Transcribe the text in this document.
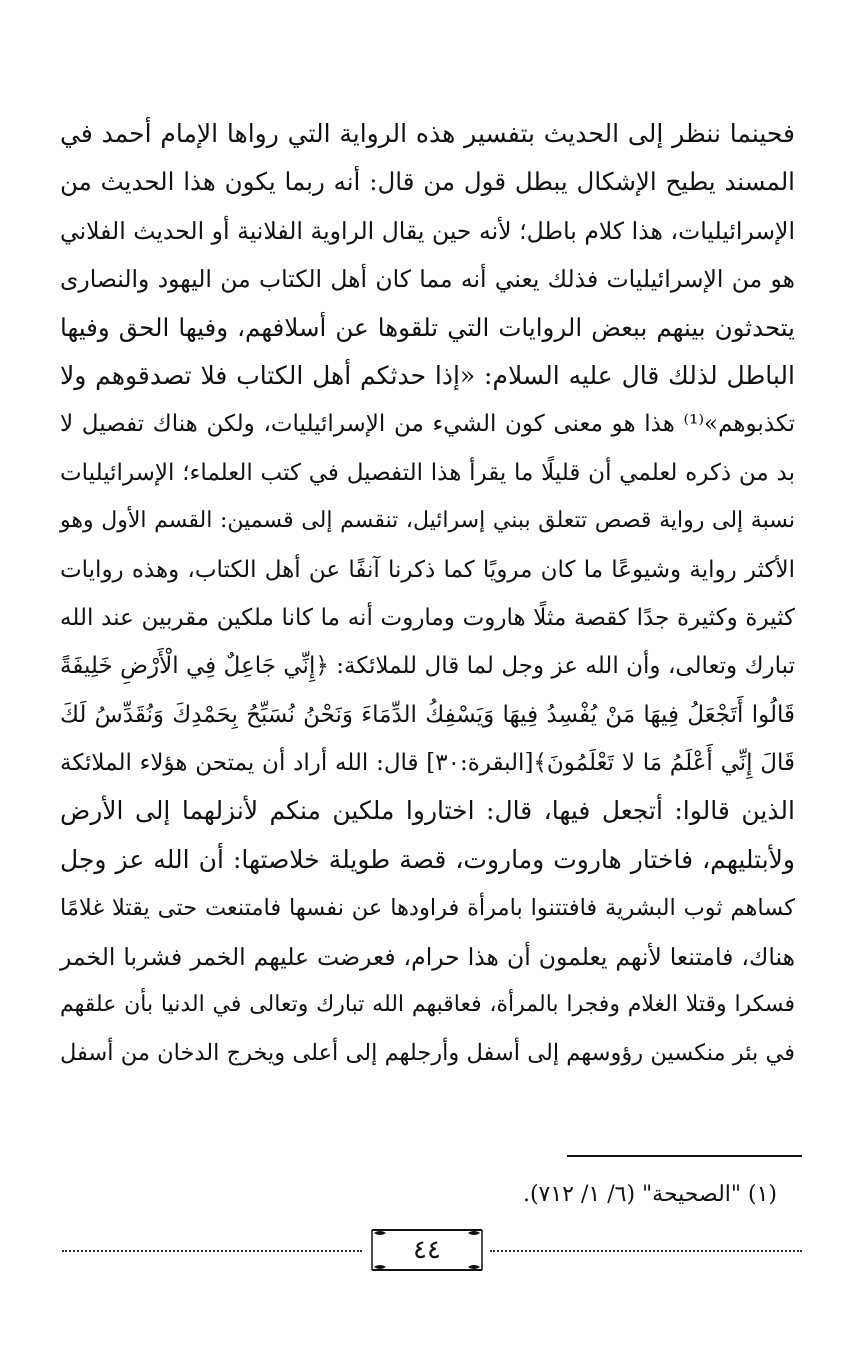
فحينما ننظر إلى الحديث بتفسير هذه الرواية التي رواها الإمام أحمد في
المسند يطيح الإشكال يبطل قول من قال: أنه ربما يكون هذا الحديث من
الإسرائيليات، هذا كلام باطل؛ لأنه حين يقال الراوية الفلانية أو الحديث الفلاني
هو من الإسرائيليات فذلك يعني أنه مما كان أهل الكتاب من اليهود والنصارى
يتحدثون بينهم ببعض الروايات التي تلقوها عن أسلافهم، وفيها الحق وفيها
الباطل لذلك قال عليه السلام: «إذا حدثكم أهل الكتاب فلا تصدقوهم ولا
تكذبوهم»⁽¹⁾ هذا هو معنى كون الشيء من الإسرائيليات، ولكن هناك تفصيل لا
بد من ذكره لعلمي أن قليلًا ما يقرأ هذا التفصيل في كتب العلماء؛ الإسرائيليات
نسبة إلى رواية قصص تتعلق ببني إسرائيل، تنقسم إلى قسمين: القسم الأول وهو
الأكثر رواية وشيوعًا ما كان مرويًا كما ذكرنا آنفًا عن أهل الكتاب، وهذه روايات
كثيرة وكثيرة جدًا كقصة مثلًا هاروت وماروت أنه ما كانا ملكين مقربين عند الله
تبارك وتعالى، وأن الله عز وجل لما قال للملائكة: ﴿إِنِّي جَاعِلٌ فِي الْأَرْضِ خَلِيفَةً
قَالُوا أَتَجْعَلُ فِيهَا مَنْ يُفْسِدُ فِيهَا وَيَسْفِكُ الدِّمَاءَ وَنَحْنُ نُسَبِّحُ بِحَمْدِكَ وَنُقَدِّسُ لَكَ
قَالَ إِنِّي أَعْلَمُ مَا لا تَعْلَمُونَ﴾[البقرة:٣٠] قال: الله أراد أن يمتحن هؤلاء الملائكة
الذين قالوا: أتجعل فيها، قال: اختاروا ملكين منكم لأنزلهما إلى الأرض
ولأبتليهم، فاختار هاروت وماروت، قصة طويلة خلاصتها: أن الله عز وجل
كساهم ثوب البشرية فافتتنوا بامرأة فراودها عن نفسها فامتنعت حتى يقتلا غلامًا
هناك، فامتنعا لأنهم يعلمون أن هذا حرام، فعرضت عليهم الخمر فشربا الخمر
فسكرا وقتلا الغلام وفجرا بالمرأة، فعاقبهم الله تبارك وتعالى في الدنيا بأن علقهم
في بئر منكسين رؤوسهم إلى أسفل وأرجلهم إلى أعلى ويخرج الدخان من أسفل
(١) "الصحيحة" (٦/ ١/ ٧١٢).
٤٤
